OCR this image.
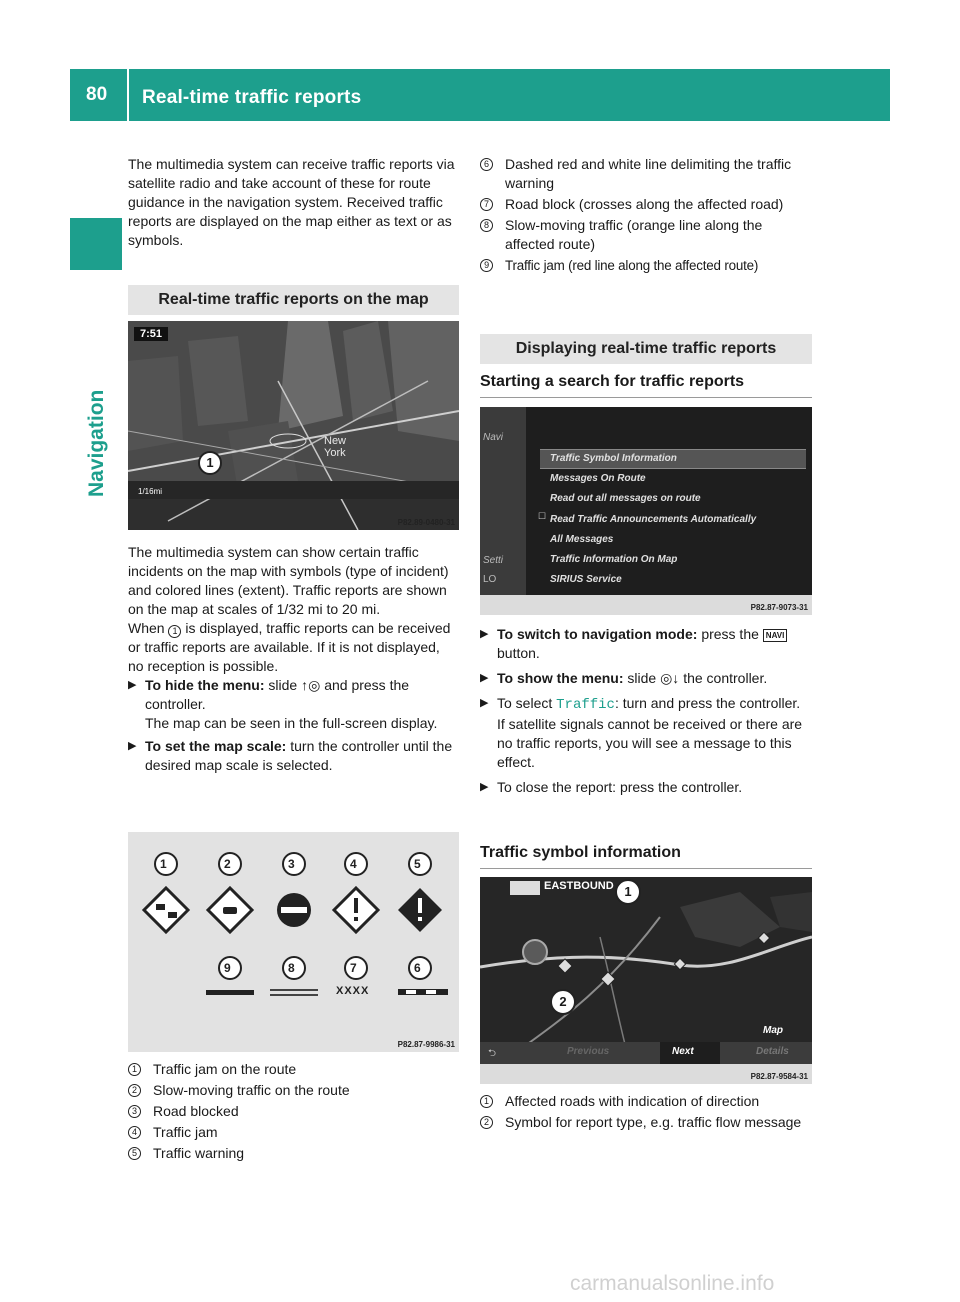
80	Real-time traffic reports
Navigation

The multimedia system can receive traffic reports via satellite radio and take account of these for route guidance in the navigation system. Received traffic reports are displayed on the map either as text or as symbols.

Real-time traffic reports on the map
7:51
New
York
1
1/16mi
P82.89-0480-31

The multimedia system can show certain traffic incidents on the map with symbols (type of incident) and colored lines (extent). Traffic reports are shown on the map at scales of 1/32 mi to 20 mi.

When 1 is displayed, traffic reports can be received or traffic reports are available. If it is not displayed, no reception is possible.

▶ To hide the menu: slide ↑◎ and press the controller.
The map can be seen in the full-screen display.
▶ To set the map scale: turn the controller until the desired map scale is selected.
1	2	3	4	5
9	8	7	6
XXXX
P82.87-9986-31
1 Traffic jam on the route
2 Slow-moving traffic on the route
3 Road blocked
4 Traffic jam
5 Traffic warning
6 Dashed red and white line delimiting the traffic warning
7 Road block (crosses along the affected road)
8 Slow-moving traffic (orange line along the affected route)
9	Traffic jam (red line along the affected route)
Displaying real-time traffic reports
Starting a search for traffic reports
Navi
Setti
LO
Traffic Symbol Information
Messages On Route
Read out all messages on route
☐ Read Traffic Announcements Automatically
All Messages
Traffic Information On Map
SIRIUS Service
P82.87-9073-31
▶ To switch to navigation mode: press the NAVI button.
▶ To show the menu: slide ◎↓ the controller.
▶ To select Traffic: turn and press the controller.
If satellite signals cannot be received or there are no traffic reports, you will see a message to this effect.
▶ To close the report: press the controller.
Traffic symbol information
EASTBOUND 1
2
Map
⮌	Previous	Next	Details
P82.87-9584-31
1 Affected roads with indication of direction
2 Symbol for report type, e.g. traffic flow message
carmanualsonline.info
